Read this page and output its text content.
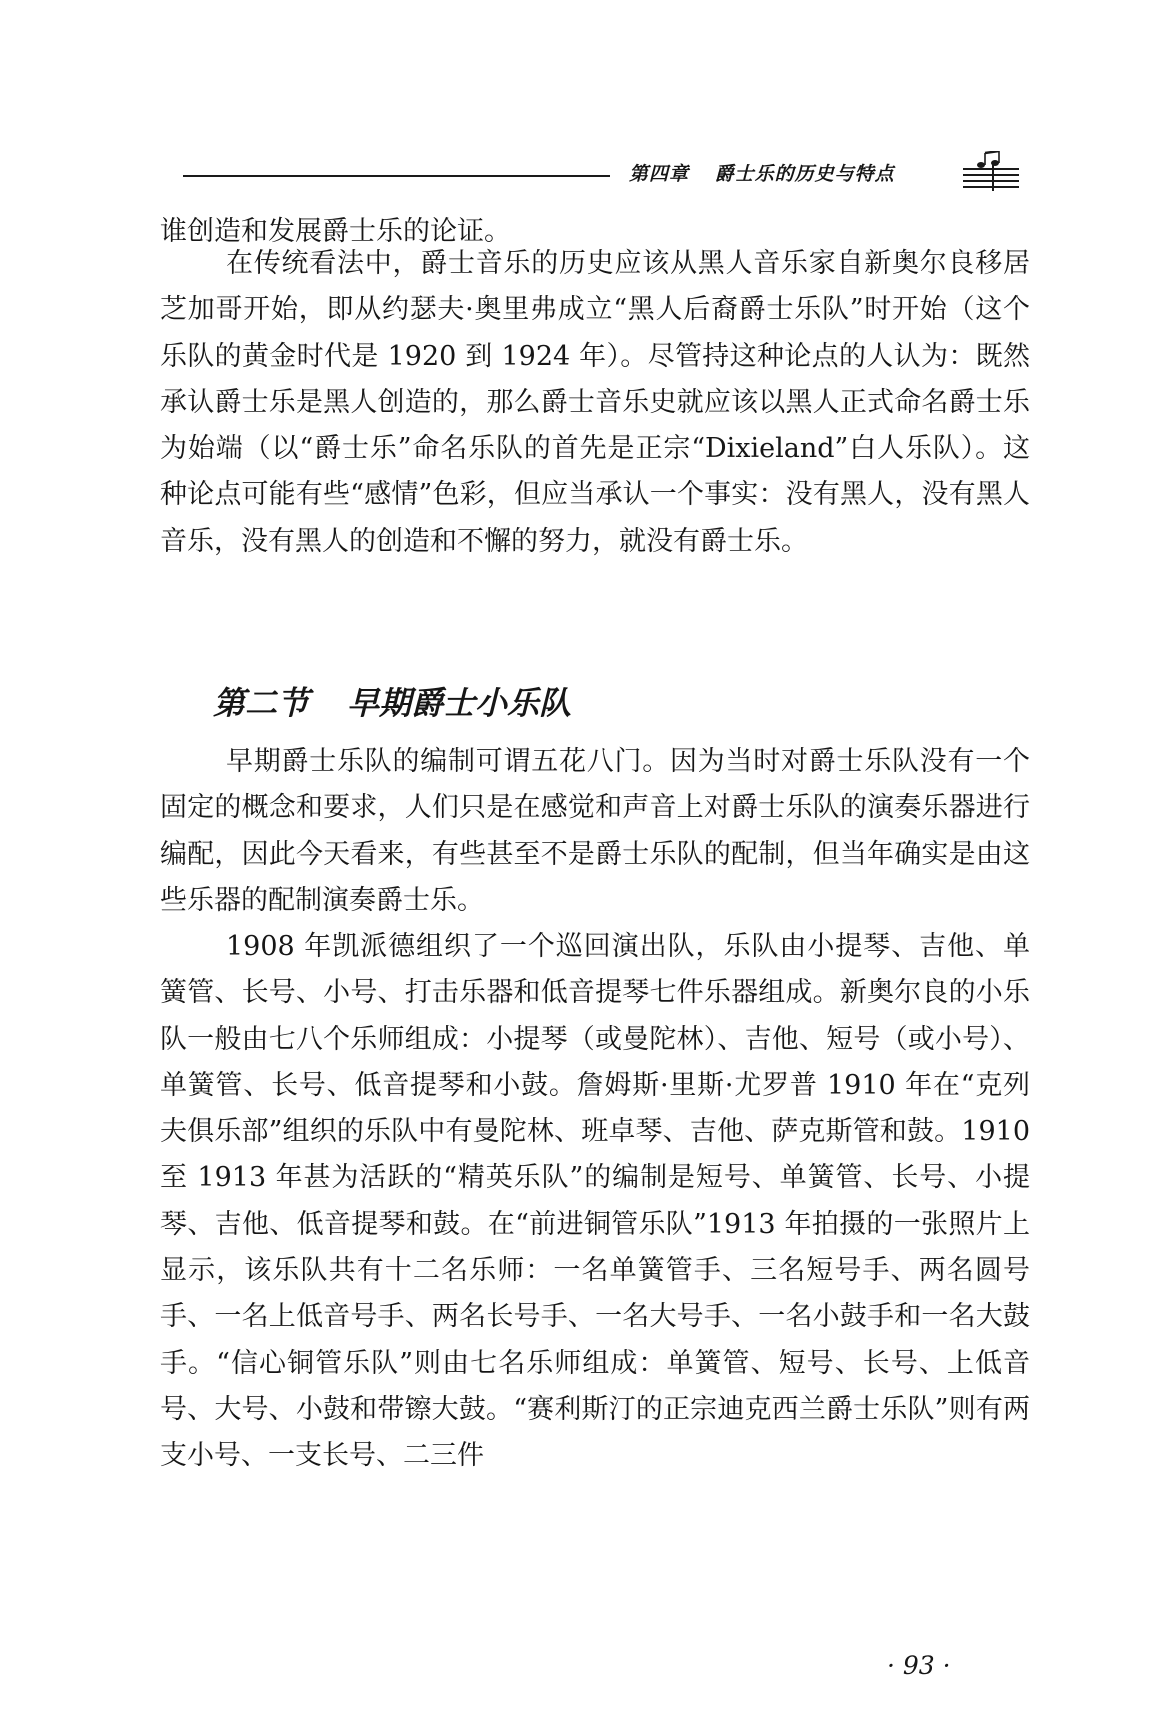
第四章 爵士乐的历史与特点

谁创造和发展爵士乐的论证。

在传统看法中，爵士音乐的历史应该从黑人音乐家自新奥尔良移居芝加哥开始，即从约瑟夫·奥里弗成立“黑人后裔爵士乐队”时开始（这个乐队的黄金时代是 1920 到 1924 年）。尽管持这种论点的人认为：既然承认爵士乐是黑人创造的，那么爵士音乐史就应该以黑人正式命名爵士乐为始端（以“爵士乐”命名乐队的首先是正宗“Dixieland”白人乐队）。这种论点可能有些“感情”色彩，但应当承认一个事实：没有黑人，没有黑人音乐，没有黑人的创造和不懈的努力，就没有爵士乐。

第二节 早期爵士小乐队

早期爵士乐队的编制可谓五花八门。因为当时对爵士乐队没有一个固定的概念和要求，人们只是在感觉和声音上对爵士乐队的演奏乐器进行编配，因此今天看来，有些甚至不是爵士乐队的配制，但当年确实是由这些乐器的配制演奏爵士乐。

1908 年凯派德组织了一个巡回演出队，乐队由小提琴、吉他、单簧管、长号、小号、打击乐器和低音提琴七件乐器组成。新奥尔良的小乐队一般由七八个乐师组成：小提琴（或曼陀林）、吉他、短号（或小号）、单簧管、长号、低音提琴和小鼓。詹姆斯·里斯·尤罗普 1910 年在“克列夫俱乐部”组织的乐队中有曼陀林、班卓琴、吉他、萨克斯管和鼓。1910 至 1913 年甚为活跃的“精英乐队”的编制是短号、单簧管、长号、小提琴、吉他、低音提琴和鼓。在“前进铜管乐队”1913 年拍摄的一张照片上显示，该乐队共有十二名乐师：一名单簧管手、三名短号手、两名圆号手、一名上低音号手、两名长号手、一名大号手、一名小鼓手和一名大鼓手。“信心铜管乐队”则由七名乐师组成：单簧管、短号、长号、上低音号、大号、小鼓和带镲大鼓。“赛利斯汀的正宗迪克西兰爵士乐队”则有两支小号、一支长号、二三件

· 93 ·
